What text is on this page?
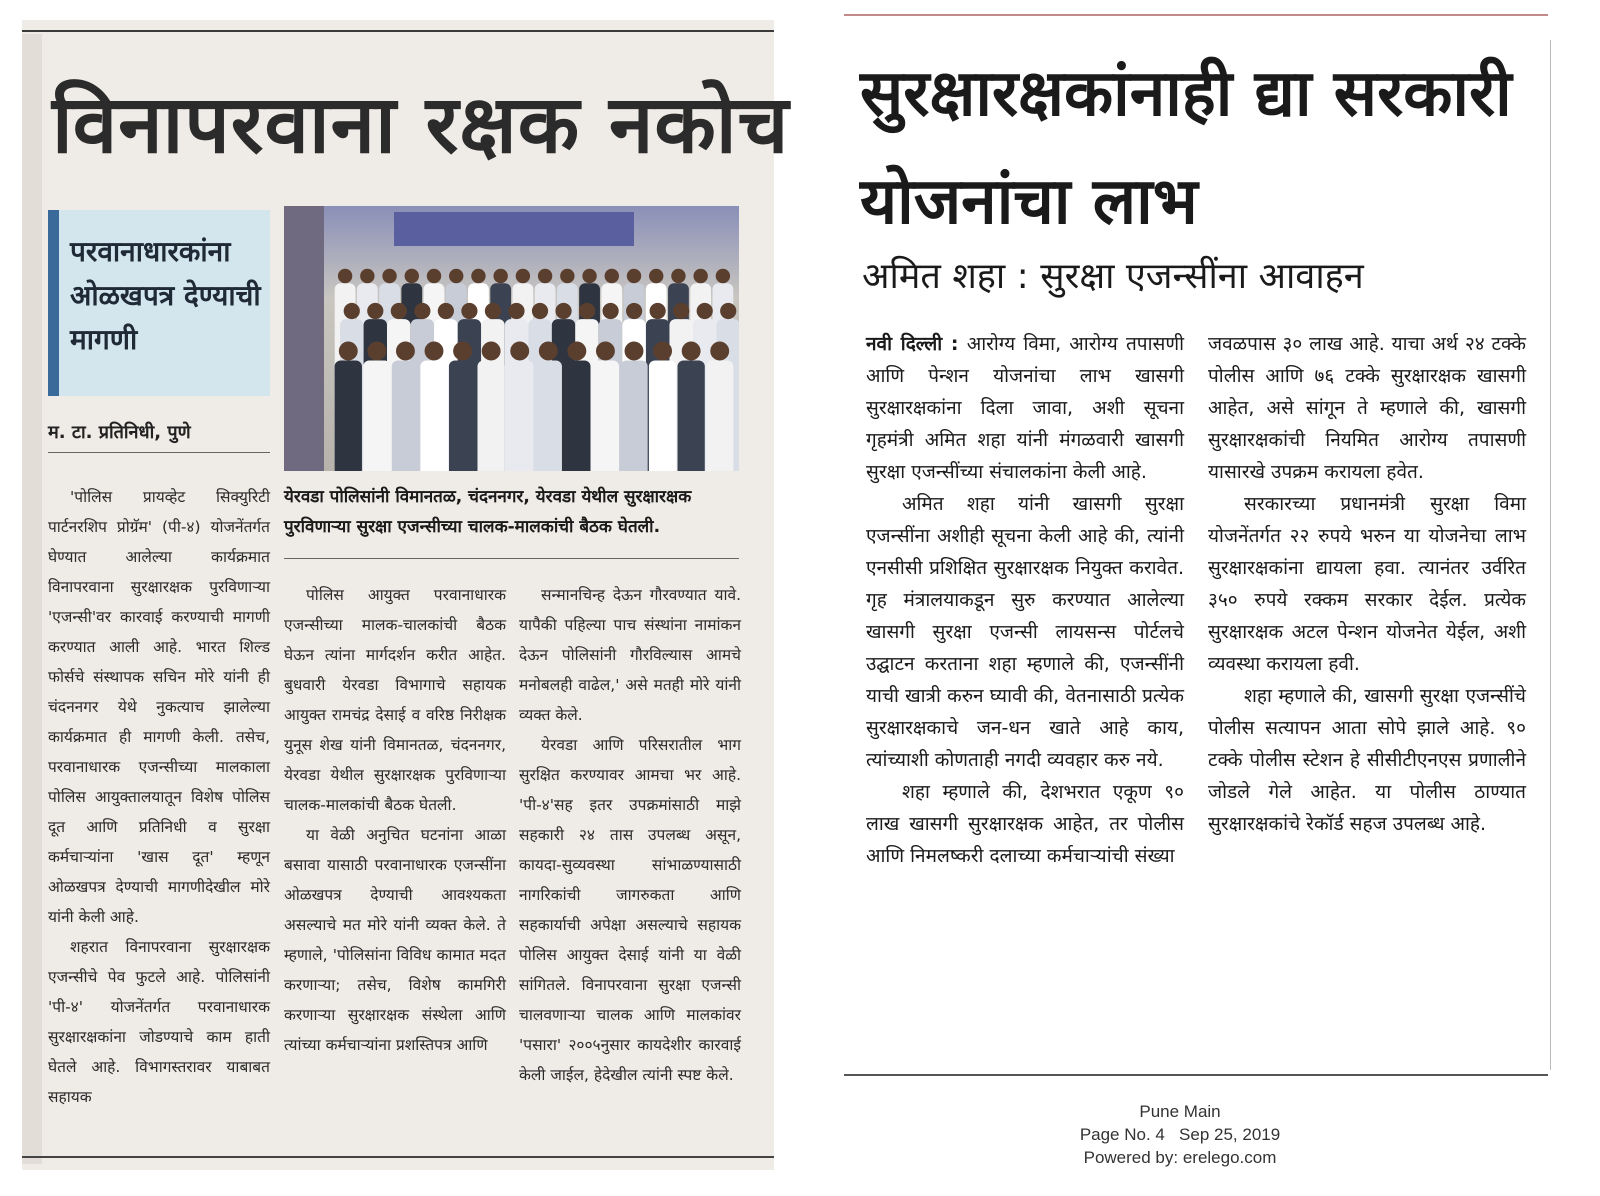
विनापरवाना रक्षक नकोच
परवानाधारकांना ओळखपत्र देण्याची मागणी
म. टा. प्रतिनिधी, पुणे
येरवडा पोलिसांनी विमानतळ, चंदननगर, येरवडा येथील सुरक्षारक्षक पुरविणाऱ्या सुरक्षा एजन्सीच्या चालक-मालकांची बैठक घेतली.

'पोलिस प्रायव्हेट सिक्युरिटी पार्टनरशिप प्रोग्रॅम' (पी-४) योजनेंतर्गत घेण्यात आलेल्या कार्यक्रमात विनापरवाना सुरक्षारक्षक पुरविणाऱ्या 'एजन्सी'वर कारवाई करण्याची मागणी करण्यात आली आहे. भारत शिल्ड फोर्सचे संस्थापक सचिन मोरे यांनी ही चंदननगर येथे नुकत्याच झालेल्या कार्यक्रमात ही मागणी केली. तसेच, परवानाधारक एजन्सीच्या मालकाला पोलिस आयुक्तालयातून विशेष पोलिस दूत आणि प्रतिनिधी व सुरक्षा कर्मचाऱ्यांना 'खास दूत' म्हणून ओळखपत्र देण्याची मागणीदेखील मोरे यांनी केली आहे.

शहरात विनापरवाना सुरक्षारक्षक एजन्सीचे पेव फुटले आहे. पोलिसांनी 'पी-४' योजनेंतर्गत परवानाधारक सुरक्षारक्षकांना जोडण्याचे काम हाती घेतले आहे. विभागस्तरावर याबाबत सहायक

पोलिस आयुक्त परवानाधारक एजन्सीच्या मालक-चालकांची बैठक घेऊन त्यांना मार्गदर्शन करीत आहेत. बुधवारी येरवडा विभागाचे सहायक आयुक्त रामचंद्र देसाई व वरिष्ठ निरीक्षक युनूस शेख यांनी विमानतळ, चंदननगर, येरवडा येथील सुरक्षारक्षक पुरविणाऱ्या चालक-मालकांची बैठक घेतली.

या वेळी अनुचित घटनांना आळा बसावा यासाठी परवानाधारक एजन्सींना ओळखपत्र देण्याची आवश्यकता असल्याचे मत मोरे यांनी व्यक्त केले. ते म्हणाले, 'पोलिसांना विविध कामात मदत करणाऱ्या; तसेच, विशेष कामगिरी करणाऱ्या सुरक्षारक्षक संस्थेला आणि त्यांच्या कर्मचाऱ्यांना प्रशस्तिपत्र आणि

सन्मानचिन्ह देऊन गौरवण्यात यावे. यापैकी पहिल्या पाच संस्थांना नामांकन देऊन पोलिसांनी गौरविल्यास आमचे मनोबलही वाढेल,' असे मतही मोरे यांनी व्यक्त केले.

येरवडा आणि परिसरातील भाग सुरक्षित करण्यावर आमचा भर आहे. 'पी-४'सह इतर उपक्रमांसाठी माझे सहकारी २४ तास उपलब्ध असून, कायदा-सुव्यवस्था सांभाळण्यासाठी नागरिकांची जागरुकता आणि सहकार्याची अपेक्षा असल्याचे सहायक पोलिस आयुक्त देसाई यांनी या वेळी सांगितले. विनापरवाना सुरक्षा एजन्सी चालवणाऱ्या चालक आणि मालकांवर 'पसारा' २००५नुसार कायदेशीर कारवाई केली जाईल, हेदेखील त्यांनी स्पष्ट केले.

सुरक्षारक्षकांनाही द्या सरकारी योजनांचा लाभ
अमित शहा : सुरक्षा एजन्सींना आवाहन

नवी दिल्ली : आरोग्य विमा, आरोग्य तपासणी आणि पेन्शन योजनांचा लाभ खासगी सुरक्षारक्षकांना दिला जावा, अशी सूचना गृहमंत्री अमित शहा यांनी मंगळवारी खासगी सुरक्षा एजन्सींच्या संचालकांना केली आहे.

अमित शहा यांनी खासगी सुरक्षा एजन्सींना अशीही सूचना केली आहे की, त्यांनी एनसीसी प्रशिक्षित सुरक्षारक्षक नियुक्त करावेत. गृह मंत्रालयाकडून सुरु करण्यात आलेल्या खासगी सुरक्षा एजन्सी लायसन्स पोर्टलचे उद्घाटन करताना शहा म्हणाले की, एजन्सींनी याची खात्री करुन घ्यावी की, वेतनासाठी प्रत्येक सुरक्षारक्षकाचे जन-धन खाते आहे काय, त्यांच्याशी कोणताही नगदी व्यवहार करु नये.

शहा म्हणाले की, देशभरात एकूण ९० लाख खासगी सुरक्षारक्षक आहेत, तर पोलीस आणि निमलष्करी दलाच्या कर्मचाऱ्यांची संख्या

जवळपास ३० लाख आहे. याचा अर्थ २४ टक्के पोलीस आणि ७६ टक्के सुरक्षारक्षक खासगी आहेत, असे सांगून ते म्हणाले की, खासगी सुरक्षारक्षकांची नियमित आरोग्य तपासणी यासारखे उपक्रम करायला हवेत.

सरकारच्या प्रधानमंत्री सुरक्षा विमा योजनेंतर्गत २२ रुपये भरुन या योजनेचा लाभ सुरक्षारक्षकांना द्यायला हवा. त्यानंतर उर्वरित ३५० रुपये रक्कम सरकार देईल. प्रत्येक सुरक्षारक्षक अटल पेन्शन योजनेत येईल, अशी व्यवस्था करायला हवी.

शहा म्हणाले की, खासगी सुरक्षा एजन्सींचे पोलीस सत्यापन आता सोपे झाले आहे. ९० टक्के पोलीस स्टेशन हे सीसीटीएनएस प्रणालीने जोडले गेले आहेत. या पोलीस ठाण्यात सुरक्षारक्षकांचे रेकॉर्ड सहज उपलब्ध आहे.

Pune Main
Page No. 4   Sep 25, 2019
Powered by: erelego.com
